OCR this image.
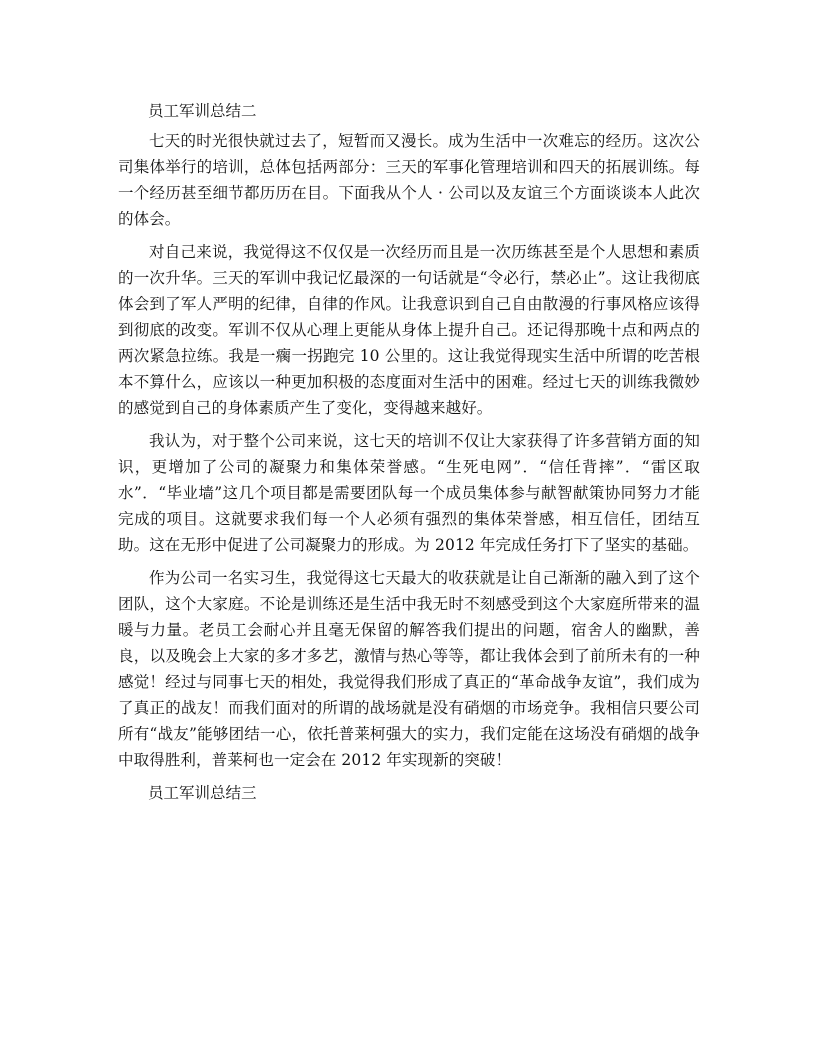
员工军训总结二

七天的时光很快就过去了，短暂而又漫长。成为生活中一次难忘的经历。这次公司集体举行的培训，总体包括两部分：三天的军事化管理培训和四天的拓展训练。每一个经历甚至细节都历历在目。下面我从个人 · 公司以及友谊三个方面谈谈本人此次的体会。

对自己来说，我觉得这不仅仅是一次经历而且是一次历练甚至是个人思想和素质的一次升华。三天的军训中我记忆最深的一句话就是“令必行，禁必止”。这让我彻底体会到了军人严明的纪律，自律的作风。让我意识到自己自由散漫的行事风格应该得到彻底的改变。军训不仅从心理上更能从身体上提升自己。还记得那晚十点和两点的两次紧急拉练。我是一瘸一拐跑完 10 公里的。这让我觉得现实生活中所谓的吃苦根本不算什么，应该以一种更加积极的态度面对生活中的困难。经过七天的训练我微妙的感觉到自己的身体素质产生了变化，变得越来越好。

我认为，对于整个公司来说，这七天的培训不仅让大家获得了许多营销方面的知识，更增加了公司的凝聚力和集体荣誉感。“生死电网”．“信任背摔”．“雷区取水”．“毕业墙”这几个项目都是需要团队每一个成员集体参与献智献策协同努力才能完成的项目。这就要求我们每一个人必须有强烈的集体荣誉感，相互信任，团结互助。这在无形中促进了公司凝聚力的形成。为 2012 年完成任务打下了坚实的基础。

作为公司一名实习生，我觉得这七天最大的收获就是让自己渐渐的融入到了这个团队，这个大家庭。不论是训练还是生活中我无时不刻感受到这个大家庭所带来的温暖与力量。老员工会耐心并且毫无保留的解答我们提出的问题，宿舍人的幽默，善良，以及晚会上大家的多才多艺，激情与热心等等，都让我体会到了前所未有的一种感觉！经过与同事七天的相处，我觉得我们形成了真正的“革命战争友谊”，我们成为了真正的战友！而我们面对的所谓的战场就是没有硝烟的市场竞争。我相信只要公司所有“战友”能够团结一心，依托普莱柯强大的实力，我们定能在这场没有硝烟的战争中取得胜利，普莱柯也一定会在 2012 年实现新的突破！

员工军训总结三
